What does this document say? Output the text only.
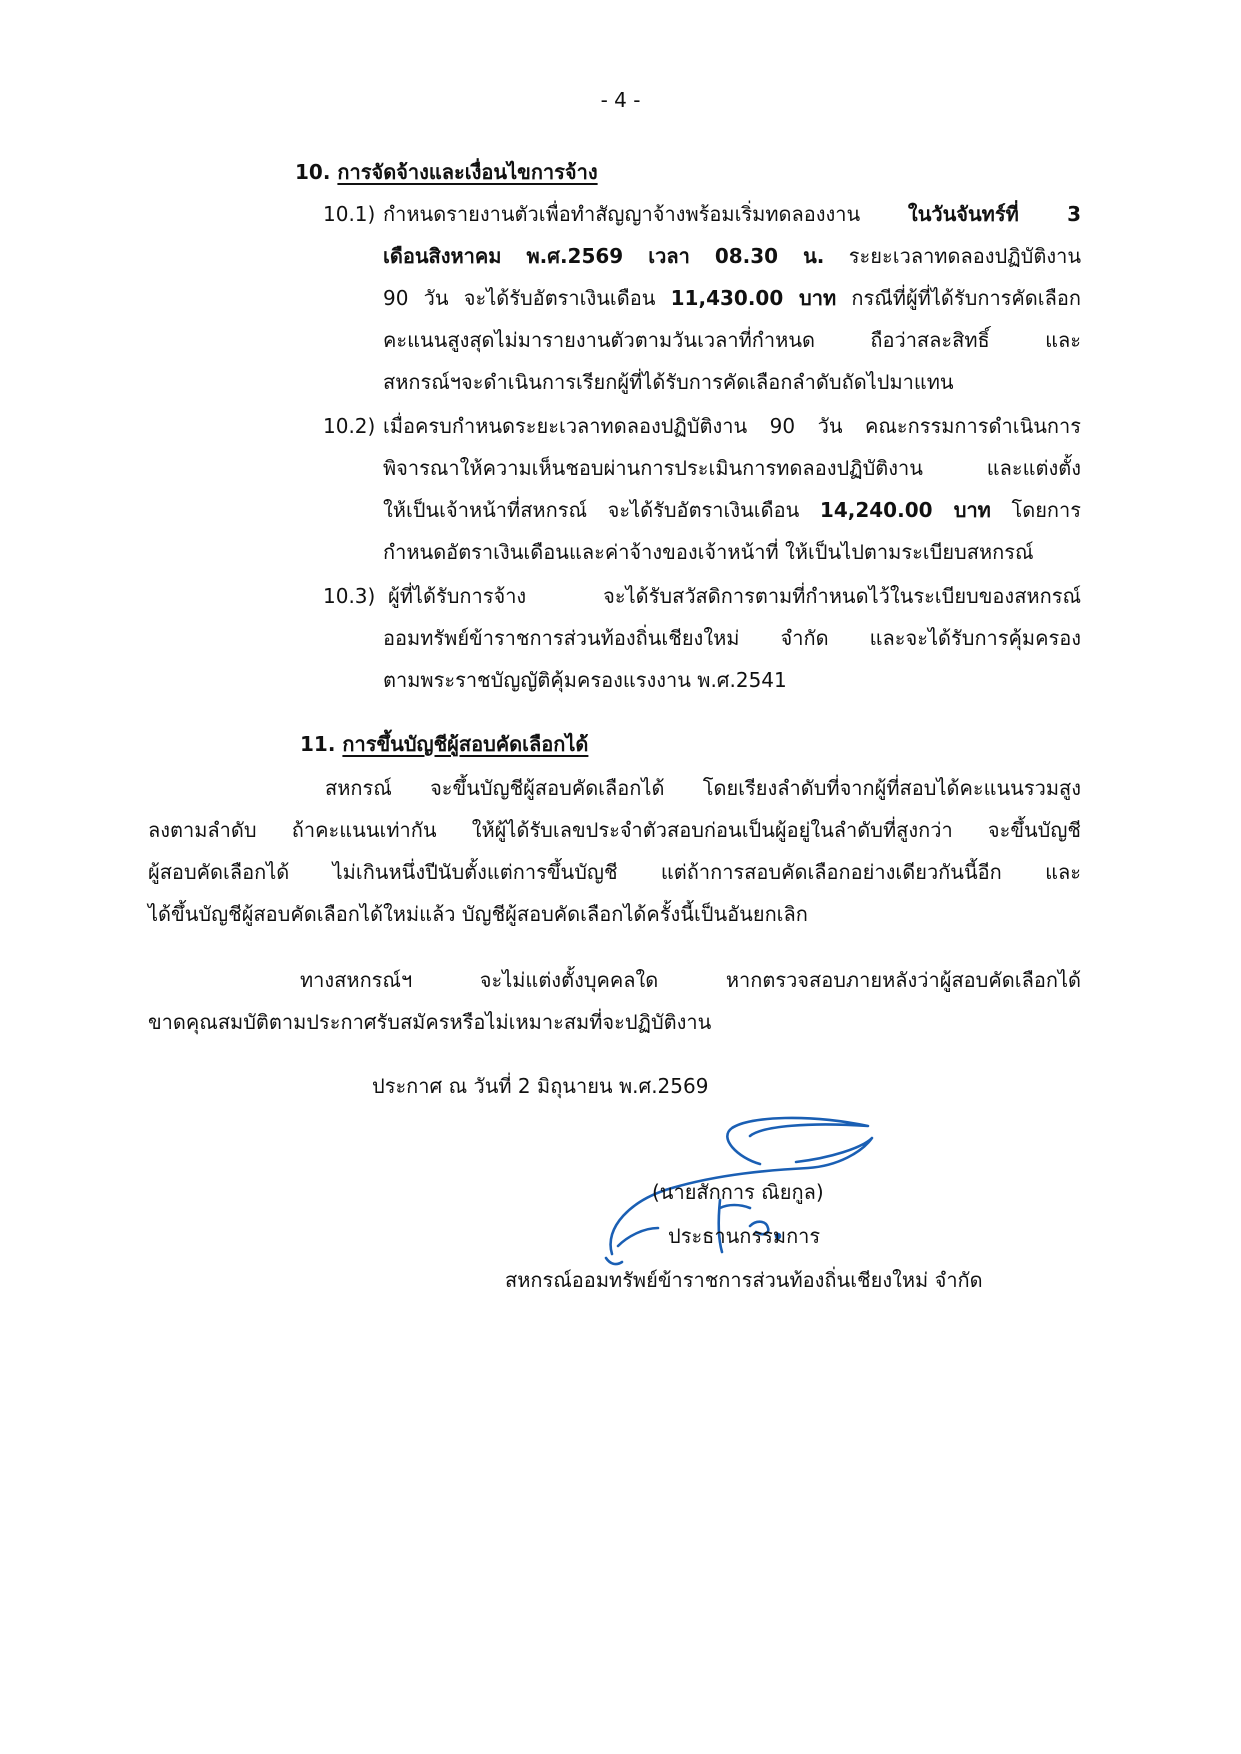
- 4 -

10. การจัดจ้างและเงื่อนไขการจ้าง

10.1) กำหนดรายงานตัวเพื่อทำสัญญาจ้างพร้อมเริ่มทดลองงาน ในวันจันทร์ที่ 3

เดือนสิงหาคม พ.ศ.2569 เวลา 08.30 น. ระยะเวลาทดลองปฏิบัติงาน

90 วัน จะได้รับอัตราเงินเดือน 11,430.00 บาท กรณีที่ผู้ที่ได้รับการคัดเลือก

คะแนนสูงสุดไม่มารายงานตัวตามวันเวลาที่กำหนด ถือว่าสละสิทธิ์ และ

สหกรณ์ฯจะดำเนินการเรียกผู้ที่ได้รับการคัดเลือกลำดับถัดไปมาแทน

10.2) เมื่อครบกำหนดระยะเวลาทดลองปฏิบัติงาน 90 วัน คณะกรรมการดำเนินการ

พิจารณาให้ความเห็นชอบผ่านการประเมินการทดลองปฏิบัติงาน และแต่งตั้ง

ให้เป็นเจ้าหน้าที่สหกรณ์ จะได้รับอัตราเงินเดือน 14,240.00 บาท โดยการ

กำหนดอัตราเงินเดือนและค่าจ้างของเจ้าหน้าที่ ให้เป็นไปตามระเบียบสหกรณ์

10.3) ผู้ที่ได้รับการจ้าง จะได้รับสวัสดิการตามที่กำหนดไว้ในระเบียบของสหกรณ์

ออมทรัพย์ข้าราชการส่วนท้องถิ่นเชียงใหม่ จำกัด และจะได้รับการคุ้มครอง

ตามพระราชบัญญัติคุ้มครองแรงงาน พ.ศ.2541

11. การขึ้นบัญชีผู้สอบคัดเลือกได้

สหกรณ์ จะขึ้นบัญชีผู้สอบคัดเลือกได้ โดยเรียงลำดับที่จากผู้ที่สอบได้คะแนนรวมสูง

ลงตามลำดับ ถ้าคะแนนเท่ากัน ให้ผู้ได้รับเลขประจำตัวสอบก่อนเป็นผู้อยู่ในลำดับที่สูงกว่า จะขึ้นบัญชี

ผู้สอบคัดเลือกได้ ไม่เกินหนึ่งปีนับตั้งแต่การขึ้นบัญชี แต่ถ้าการสอบคัดเลือกอย่างเดียวกันนี้อีก และ

ได้ขึ้นบัญชีผู้สอบคัดเลือกได้ใหม่แล้ว บัญชีผู้สอบคัดเลือกได้ครั้งนี้เป็นอันยกเลิก

ทางสหกรณ์ฯ จะไม่แต่งตั้งบุคคลใด หากตรวจสอบภายหลังว่าผู้สอบคัดเลือกได้

ขาดคุณสมบัติตามประกาศรับสมัครหรือไม่เหมาะสมที่จะปฏิบัติงาน

ประกาศ ณ วันที่ 2 มิถุนายน พ.ศ.2569

(นายสักการ ณิยกูล)

ประธานกรรมการ

สหกรณ์ออมทรัพย์ข้าราชการส่วนท้องถิ่นเชียงใหม่ จำกัด
